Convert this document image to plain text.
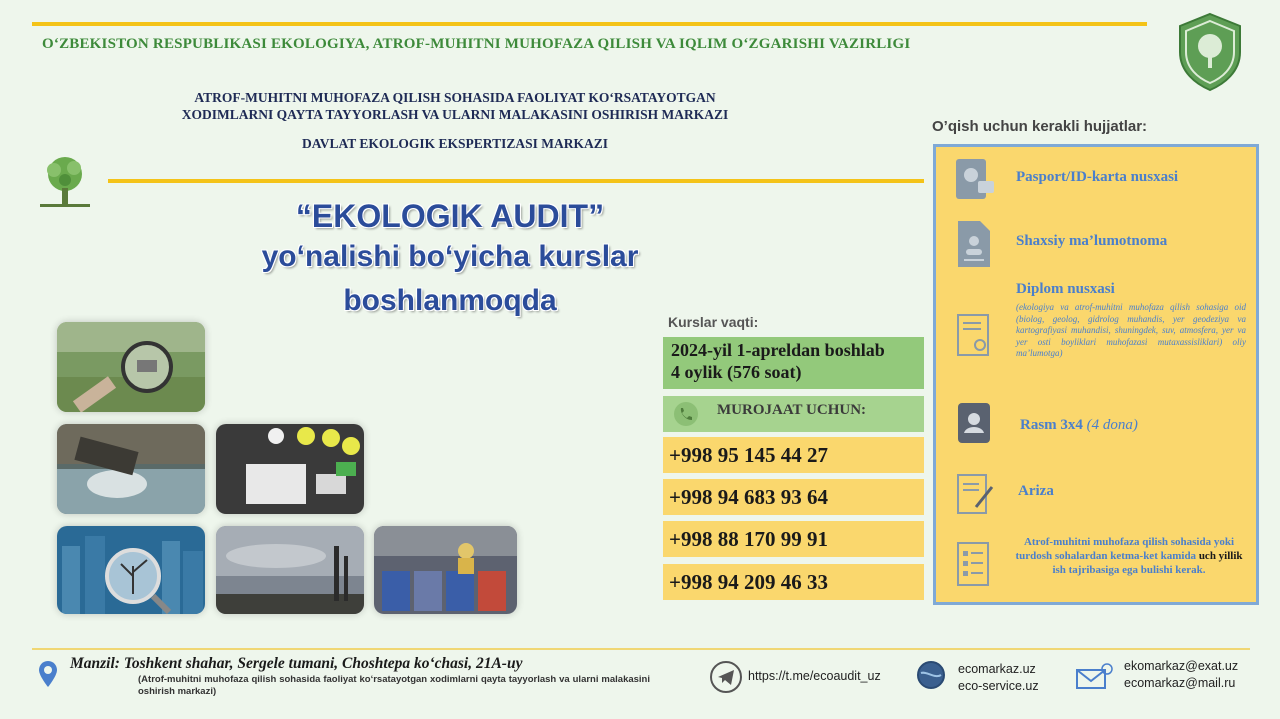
O‘ZBEKISTON RESPUBLIKASI EKOLOGIYA, ATROF-MUHITNI MUHOFAZA QILISH VA IQLIM O‘ZGARISHI VAZIRLIGI
ATROF-MUHITNI MUHOFAZA QILISH SOHASIDA FAOLIYAT KO‘RSATAYOTGAN
XODIMLARNI QAYTA TAYYORLASH VA ULARNI MALAKASINI OSHIRISH MARKAZI
DAVLAT EKOLOGIK EKSPERTIZASI MARKAZI
“EKOLOGIK AUDIT”
yo‘nalishi bo‘yicha kurslar
boshlanmoqda
Kurslar vaqti:
2024-yil 1-apreldan boshlab
4 oylik (576 soat)
MUROJAAT UCHUN:
+998 95 145 44 27
+998 94 683 93 64
+998 88 170 99 91
+998 94 209 46 33
O’qish uchun kerakli hujjatlar:
Pasport/ID-karta nusxasi
Shaxsiy ma’lumotnoma
Diplom nusxasi
(ekologiya va atrof-muhitni muhofaza qilish sohasiga oid (biolog, geolog, gidrolog muhandis, yer geodeziya va kartografiyasi muhandisi, shuningdek, suv, atmosfera, yer va yer osti boyliklari muhofazasi mutaxassisliklari) oliy ma’lumotga)
Rasm 3x4 (4 dona)
Ariza
Atrof-muhitni muhofaza qilish sohasida yoki turdosh sohalardan ketma-ket kamida uch yillik ish tajribasiga ega bulishi kerak.
Manzil: Toshkent shahar, Sergele tumani, Choshtepa ko‘chasi, 21A-uy
(Atrof-muhitni muhofaza qilish sohasida faoliyat ko‘rsatayotgan xodimlarni qayta tayyorlash va ularni malakasini oshirish markazi)
https://t.me/ecoaudit_uz	ecomarkaz.uz
eco-service.uz
ekomarkaz@exat.uz
ecomarkaz@mail.ru
